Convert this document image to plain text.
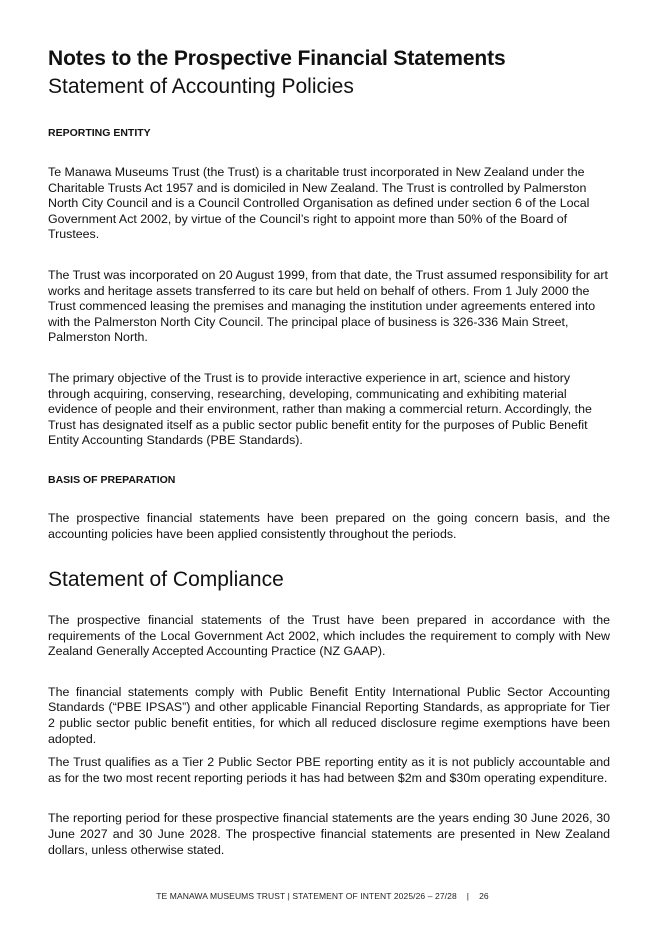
Notes to the Prospective Financial Statements
Statement of Accounting Policies
REPORTING ENTITY

Te Manawa Museums Trust (the Trust) is a charitable trust incorporated in New Zealand under the Charitable Trusts Act 1957 and is domiciled in New Zealand. The Trust is controlled by Palmerston North City Council and is a Council Controlled Organisation as defined under section 6 of the Local Government Act 2002, by virtue of the Council’s right to appoint more than 50% of the Board of Trustees.

The Trust was incorporated on 20 August 1999, from that date, the Trust assumed responsibility for art works and heritage assets transferred to its care but held on behalf of others. From 1 July 2000 the Trust commenced leasing the premises and managing the institution under agreements entered into with the Palmerston North City Council. The principal place of business is 326-336 Main Street, Palmerston North.

The primary objective of the Trust is to provide interactive experience in art, science and history through acquiring, conserving, researching, developing, communicating and exhibiting material evidence of people and their environment, rather than making a commercial return. Accordingly, the Trust has designated itself as a public sector public benefit entity for the purposes of Public Benefit Entity Accounting Standards (PBE Standards).

BASIS OF PREPARATION

The prospective financial statements have been prepared on the going concern basis, and the accounting policies have been applied consistently throughout the periods.

Statement of Compliance

The prospective financial statements of the Trust have been prepared in accordance with the requirements of the Local Government Act 2002, which includes the requirement to comply with New Zealand Generally Accepted Accounting Practice (NZ GAAP).

The financial statements comply with Public Benefit Entity International Public Sector Accounting Standards (“PBE IPSAS”) and other applicable Financial Reporting Standards, as appropriate for Tier 2 public sector public benefit entities, for which all reduced disclosure regime exemptions have been adopted.

The Trust qualifies as a Tier 2 Public Sector PBE reporting entity as it is not publicly accountable and as for the two most recent reporting periods it has had between $2m and $30m operating expenditure.

The reporting period for these prospective financial statements are the years ending 30 June 2026, 30 June 2027 and 30 June 2028. The prospective financial statements are presented in New Zealand dollars, unless otherwise stated.

TE MANAWA MUSEUMS TRUST | STATEMENT OF INTENT 2025/26 – 27/28 | 26
